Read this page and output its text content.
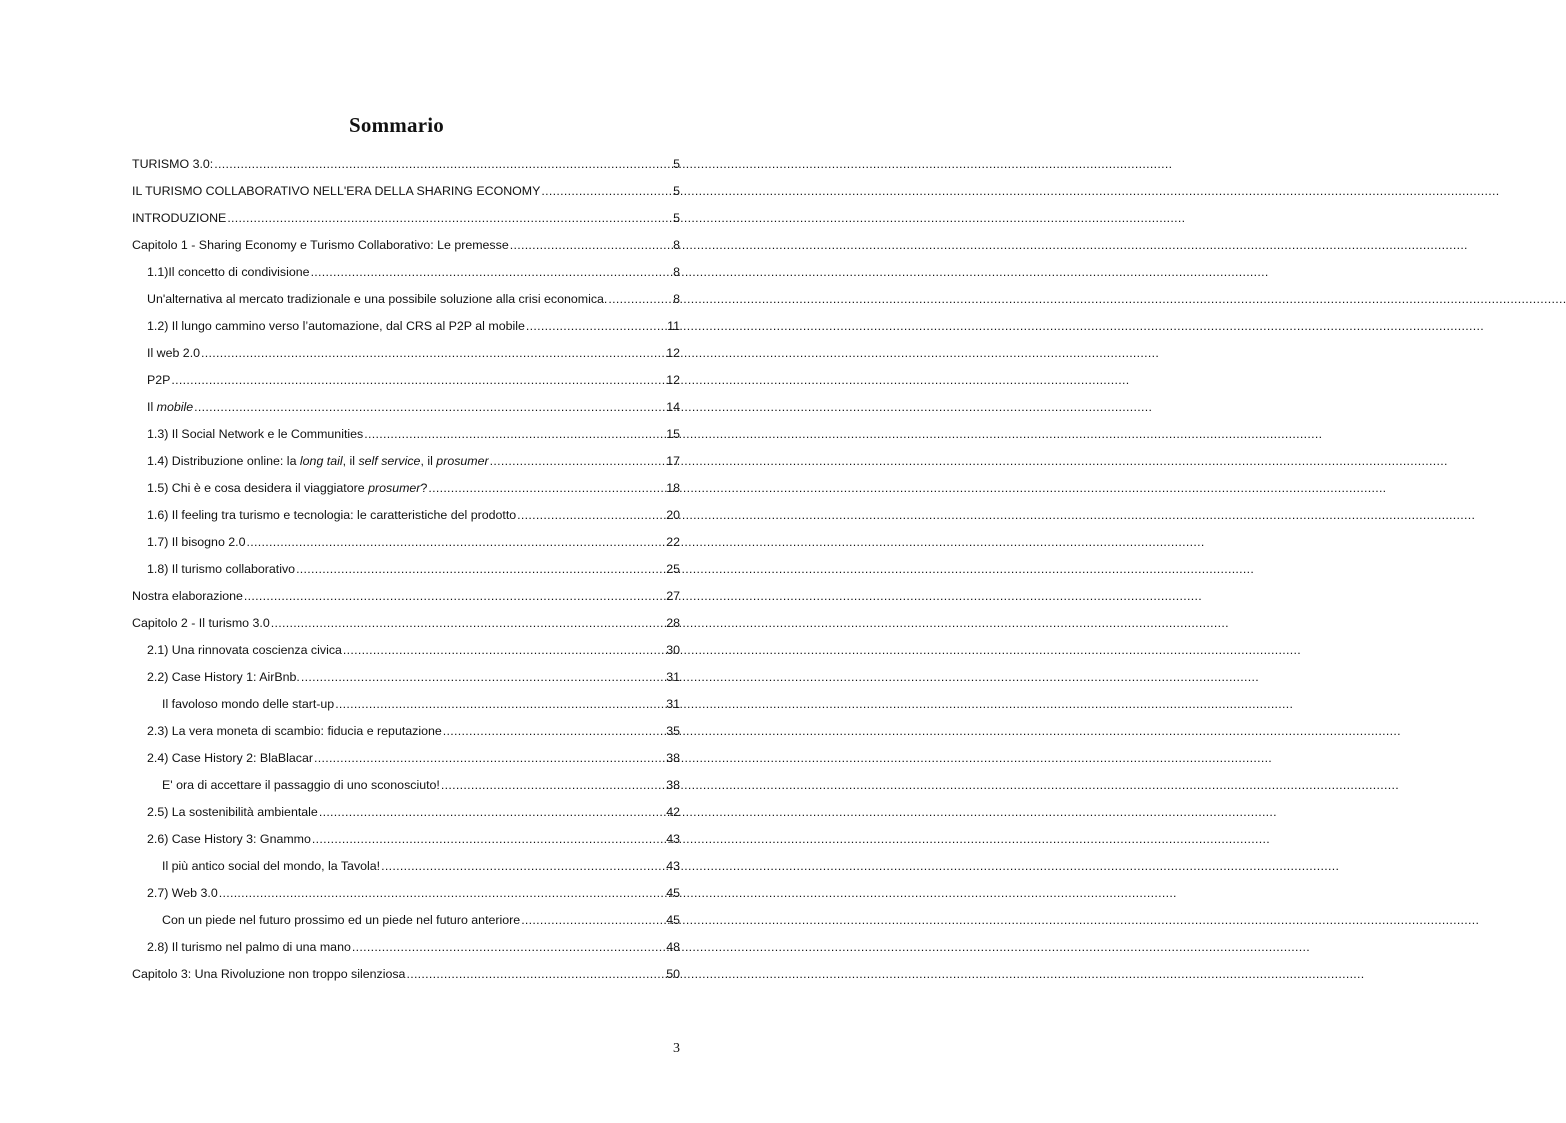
Sommario
TURISMO 3.0: .....	5
IL TURISMO COLLABORATIVO NELL'ERA DELLA SHARING ECONOMY .....	5
INTRODUZIONE .....	5
Capitolo 1 - Sharing Economy e Turismo Collaborativo: Le premesse .....	8
1.1)Il concetto di condivisione .....	8
Un'alternativa al mercato tradizionale e una possibile soluzione alla crisi economica. .....	8
1.2) Il lungo cammino verso l’automazione, dal CRS al P2P al mobile .....	11
Il web 2.0 .....	12
P2P .....	12
Il mobile .....	14
1.3) Il Social Network e le Communities .....	15
1.4) Distribuzione online: la long tail, il self service, il prosumer .....	17
1.5) Chi è e cosa desidera il viaggiatore prosumer? .....	18
1.6) Il feeling tra turismo e tecnologia: le caratteristiche del prodotto .....	20
1.7) Il bisogno 2.0 .....	22
1.8) Il turismo collaborativo .....	25
Nostra elaborazione .....	27
Capitolo 2 - Il turismo 3.0 .....	28
2.1) Una rinnovata coscienza civica .....	30
2.2) Case History 1: AirBnb. .....	31
Il favoloso mondo delle start-up .....	31
2.3) La vera moneta di scambio: fiducia e reputazione .....	35
2.4) Case History 2: BlaBlacar .....	38
E' ora di accettare il passaggio di uno sconosciuto! .....	38
2.5) La sostenibilità ambientale .....	42
2.6) Case History 3: Gnammo .....	43
Il più antico social del mondo, la Tavola! .....	43
2.7) Web 3.0 .....	45
Con un piede nel futuro prossimo ed un piede nel futuro anteriore .....	45
2.8) Il turismo nel palmo di una mano .....	48
Capitolo 3: Una Rivoluzione non troppo silenziosa .....	50
3
